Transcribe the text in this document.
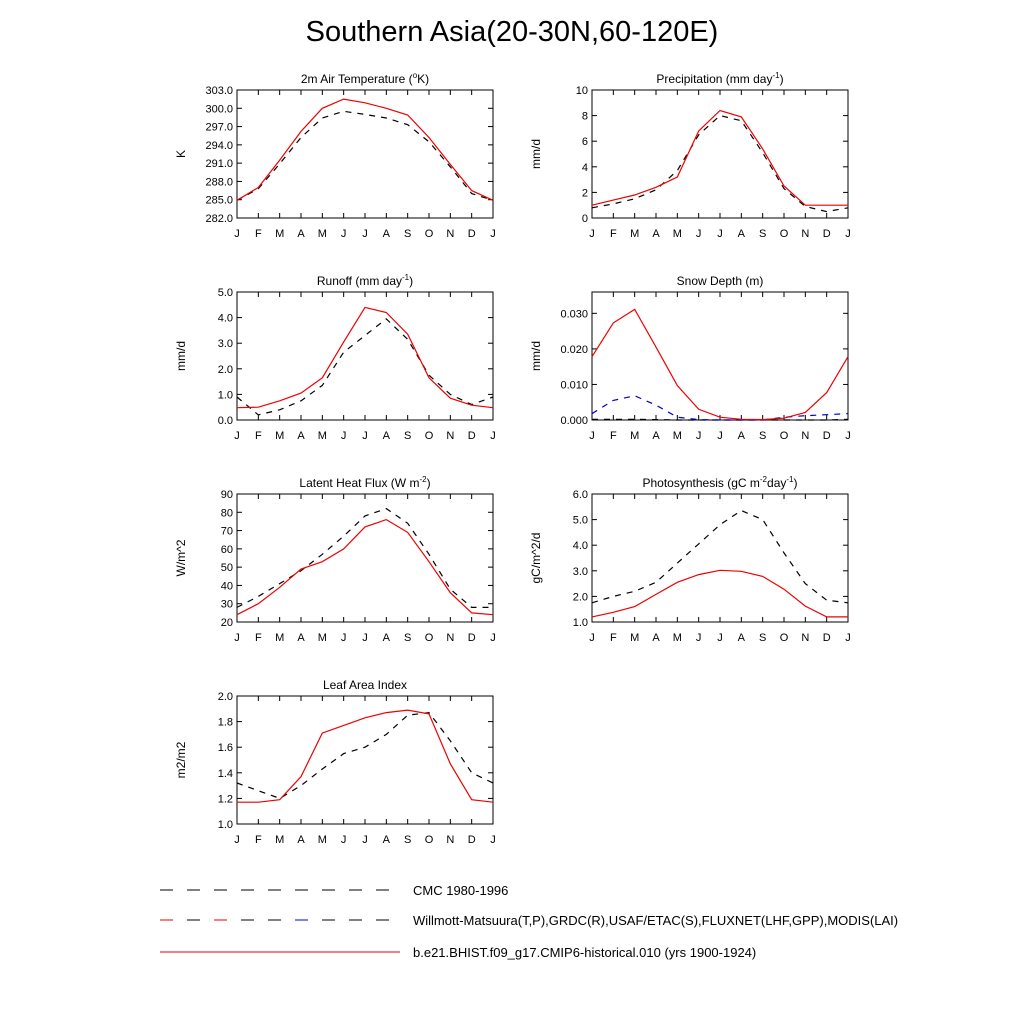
Southern Asia(20-30N,60-120E)
2m Air Temperature ($^o$K)
303.0
300.0
297.0
294.0
291.0
288.0
285.0
282.0
K
J F M A M J J A S O N D J
Precipitation (mm day$^{-1}$)
10
8
6
4
2
0
mm/d
J F M A M J J A S O N D J
Runoff (mm day$^{-1}$)
5.0
4.0
3.0
2.0
1.0
0.0
mm/d
J F M A M J J A S O N D J
Snow Depth (m)
0.030
0.020
0.010
0.000
mm/d
J F M A M J J A S O N D J
Latent Heat Flux (W $m^{-2}$)
90
80
70
60
50
40
30
20
W/m^2
J F M A M J J A S O N D J
Photosynthesis (gC $m^{-2}day^{-1}$)
6.0
5.0
4.0
3.0
2.0
1.0
gC/m^2/d
J F M A M J J A S O N D J
Leaf Area Index
2.0
1.8
1.6
1.4
1.2
1.0
m2/m2
J F M A M J J A S O N D J
CMC 1980-1996
Willmott-Matsuura(T,P),GRDC(R),USAF/ETAC(S),FLUXNET(LHF,GPP),MODIS(LAI)
b.e21.BHIST.f09_g17.CMIP6-historical.010 (yrs 1900-1924)
